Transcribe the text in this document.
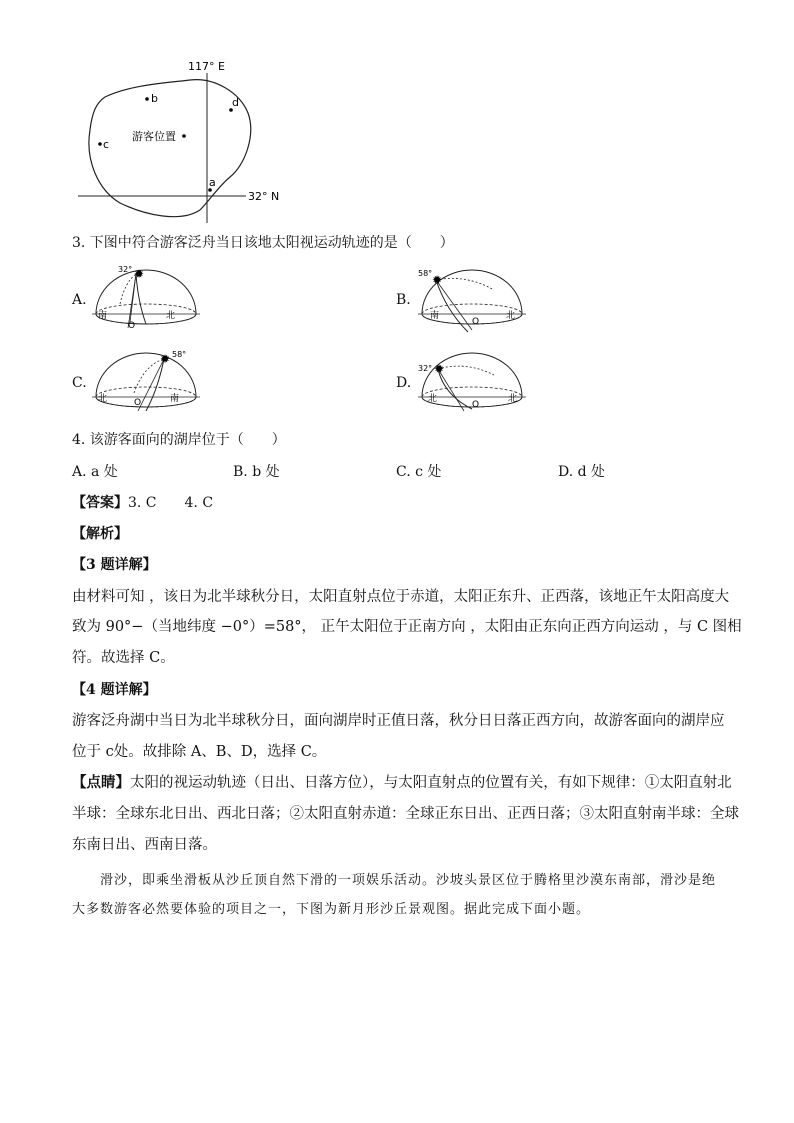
117° E
32° N
b	d
c
a
游客位置
3. 下图中符合游客泛舟当日该地太阳视运动轨迹的是（　　）
A.
✹
32°
南	北
O
B.
✹
58°
南	北
O
C.
✹ 58°
北	南
O
D.
✹
32°
北	北
O
4. 该游客面向的湖岸位于（　　）
A. a 处	B. b 处	C. c 处	D. d 处
【答案】3. C　　4. C
【解析】
【3 题详解】
由材料可知 ，该日为北半球秋分日，太阳直射点位于赤道，太阳正东升、正西落，该地正午太阳高度大
致为 90°−（当地纬度 −0°）=58°， 正午太阳位于正南方向 ，太阳由正东向正西方向运动 ，与 C 图相
符。故选择 C。
【4 题详解】
游客泛舟湖中当日为北半球秋分日，面向湖岸时正值日落，秋分日日落正西方向，故游客面向的湖岸应
位于 c处。故排除 A、B、D，选择 C。
【点睛】太阳的视运动轨迹（日出、日落方位），与太阳直射点的位置有关，有如下规律：①太阳直射北
半球：全球东北日出、西北日落；②太阳直射赤道：全球正东日出、正西日落；③太阳直射南半球：全球
东南日出、西南日落。
滑沙，即乘坐滑板从沙丘顶自然下滑的一项娱乐活动。沙坡头景区位于腾格里沙漠东南部，滑沙是绝
大多数游客必然要体验的项目之一，下图为新月形沙丘景观图。据此完成下面小题。
